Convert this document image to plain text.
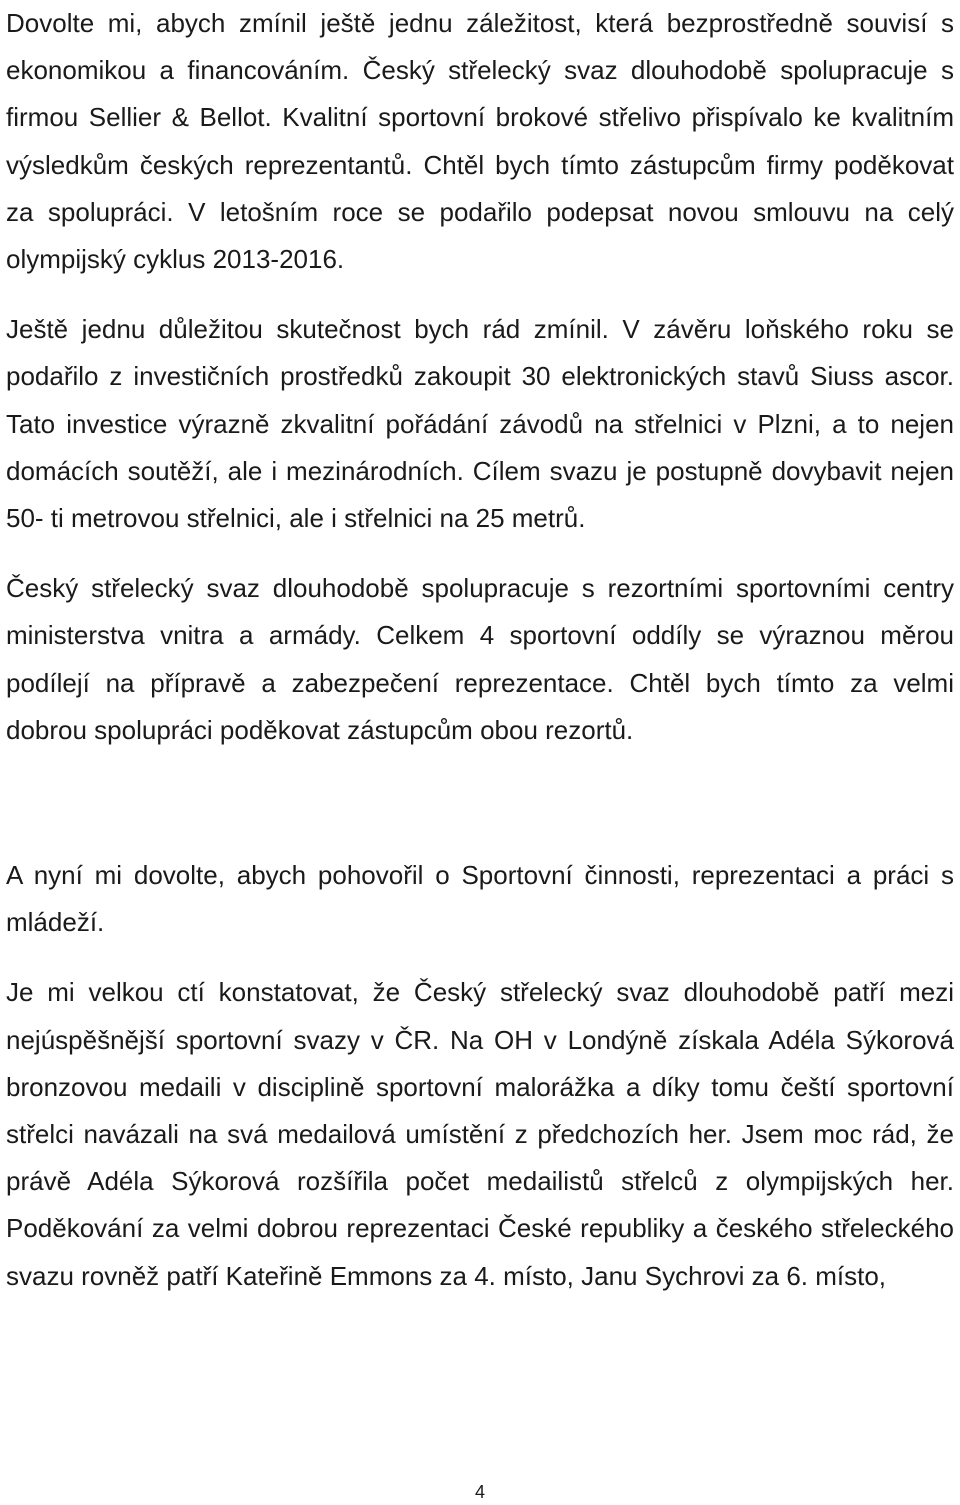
Dovolte mi, abych zmínil ještě jednu záležitost, která bezprostředně souvisí s ekonomikou a financováním. Český střelecký svaz dlouhodobě spolupracuje s firmou Sellier & Bellot. Kvalitní sportovní brokové střelivo přispívalo ke kvalitním výsledkům českých reprezentantů. Chtěl bych tímto zástupcům firmy poděkovat za spolupráci. V letošním roce se podařilo podepsat novou smlouvu na celý olympijský cyklus 2013-2016.

Ještě jednu důležitou skutečnost bych rád zmínil. V závěru loňského roku se podařilo z investičních prostředků zakoupit 30 elektronických stavů Siuss ascor. Tato investice výrazně zkvalitní pořádání závodů na střelnici v Plzni, a to nejen domácích soutěží, ale i mezinárodních. Cílem svazu je postupně dovybavit nejen 50- ti metrovou střelnici, ale i střelnici na 25 metrů.

Český střelecký svaz dlouhodobě spolupracuje s rezortními sportovními centry ministerstva vnitra a armády. Celkem 4 sportovní oddíly se výraznou měrou podílejí na přípravě a zabezpečení reprezentace. Chtěl bych tímto za velmi dobrou spolupráci poděkovat zástupcům obou rezortů.

A nyní mi dovolte, abych pohovořil o Sportovní činnosti, reprezentaci a práci s mládeží.

Je mi velkou ctí konstatovat, že Český střelecký svaz dlouhodobě patří mezi nejúspěšnější sportovní svazy v ČR. Na OH v Londýně získala Adéla Sýkorová bronzovou medaili v disciplině sportovní malorážka a díky tomu čeští sportovní střelci navázali na svá medailová umístění z předchozích her. Jsem moc rád, že právě Adéla Sýkorová rozšířila počet medailistů střelců z olympijských her. Poděkování za velmi dobrou reprezentaci České republiky a českého střeleckého svazu rovněž patří Kateřině Emmons za 4. místo, Janu Sychrovi za 6. místo,

4
